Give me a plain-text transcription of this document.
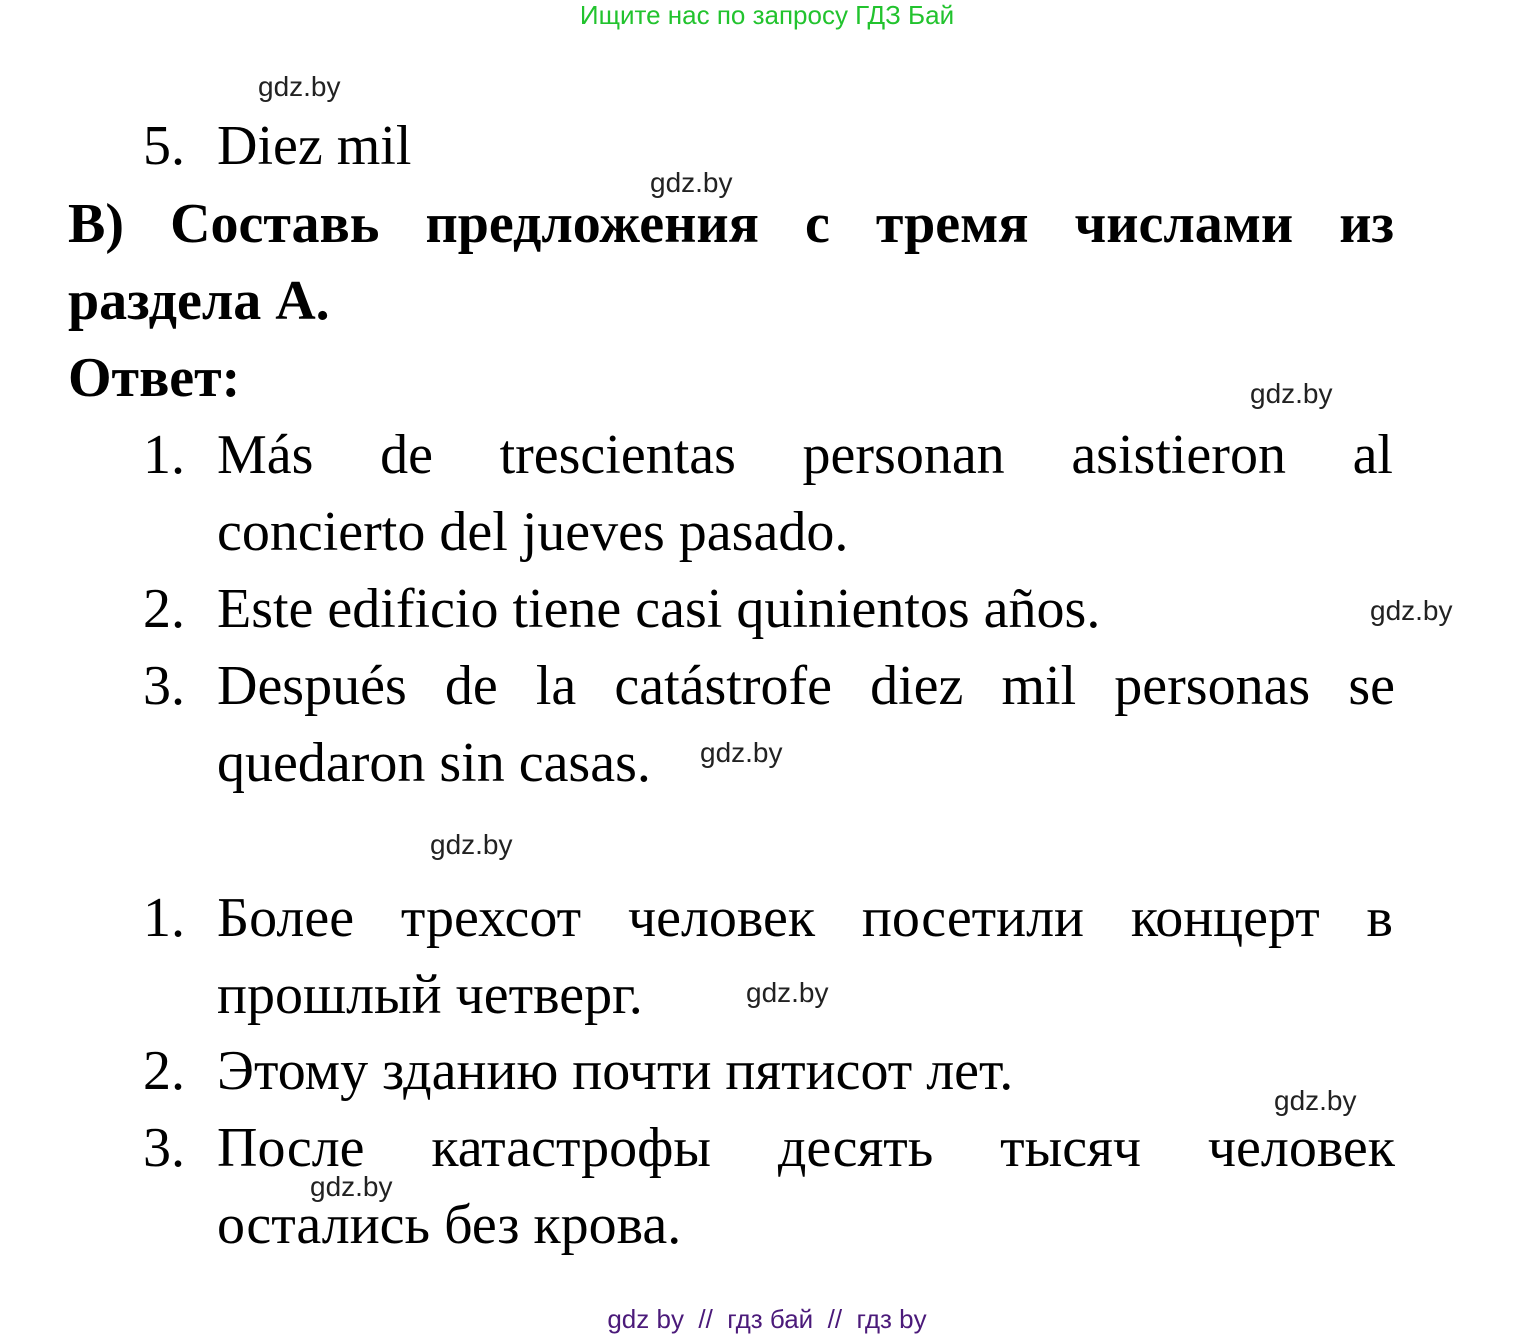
Ищите нас по запросу ГДЗ Бай
5. Diez mil
В) Составь предложения с тремя числами из
раздела А.
Ответ:
1. Más de trescientas personan asistieron al
concierto del jueves pasado.
2. Este edificio tiene casi quinientos años.
3. Después de la catástrofe diez mil personas se
quedaron sin casas.
1. Более трехсот человек посетили концерт в
прошлый четверг.
2. Этому зданию почти пятисот лет.
3. После катастрофы десять тысяч человек
остались без крова.
gdz.by
gdz.by
gdz.by
gdz.by
gdz.by
gdz.by
gdz.by
gdz.by
gdz.by
gdz by  //  гдз бай  //  гдз by
